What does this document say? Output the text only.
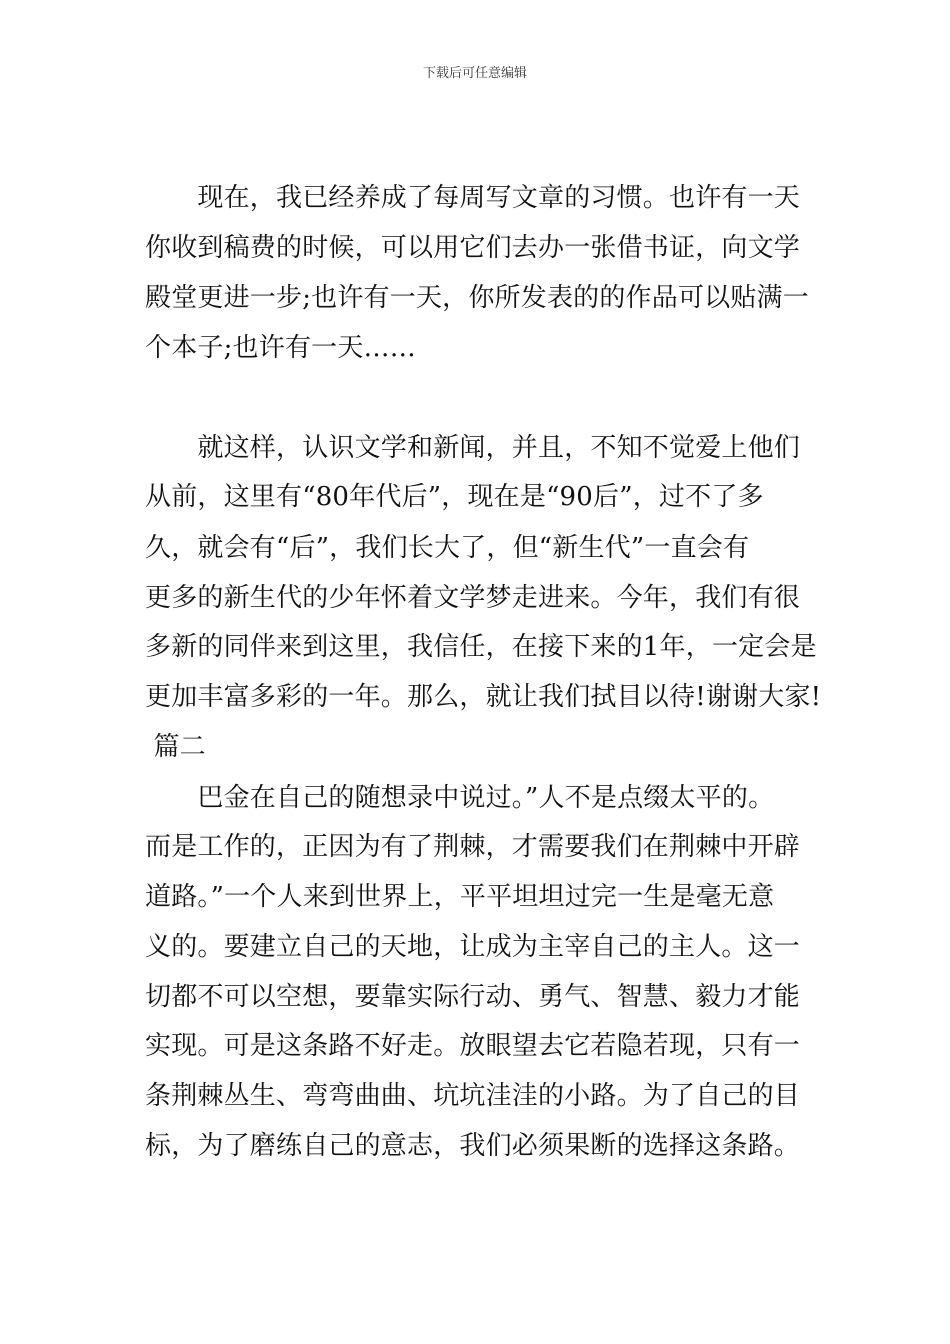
下载后可任意编辑
　　现在，我已经养成了每周写文章的习惯。也许有一天
你收到稿费的时候，可以用它们去办一张借书证，向文学
殿堂更进一步;也许有一天，你所发表的的作品可以贴满一
个本子;也许有一天……
　　就这样，认识文学和新闻，并且，不知不觉爱上他们
从前，这里有“80年代后”，现在是“90后”，过不了多
久，就会有“后”，我们长大了，但“新生代”一直会有
更多的新生代的少年怀着文学梦走进来。今年，我们有很
多新的同伴来到这里，我信任，在接下来的1年，一定会是
更加丰富多彩的一年。那么，就让我们拭目以待!谢谢大家!
篇二
　　巴金在自己的随想录中说过。”人不是点缀太平的。
而是工作的，正因为有了荆棘，才需要我们在荆棘中开辟
道路。”一个人来到世界上，平平坦坦过完一生是毫无意
义的。要建立自己的天地，让成为主宰自己的主人。这一
切都不可以空想，要靠实际行动、勇气、智慧、毅力才能
实现。可是这条路不好走。放眼望去它若隐若现，只有一
条荆棘丛生、弯弯曲曲、坑坑洼洼的小路。为了自己的目
标，为了磨练自己的意志，我们必须果断的选择这条路。
